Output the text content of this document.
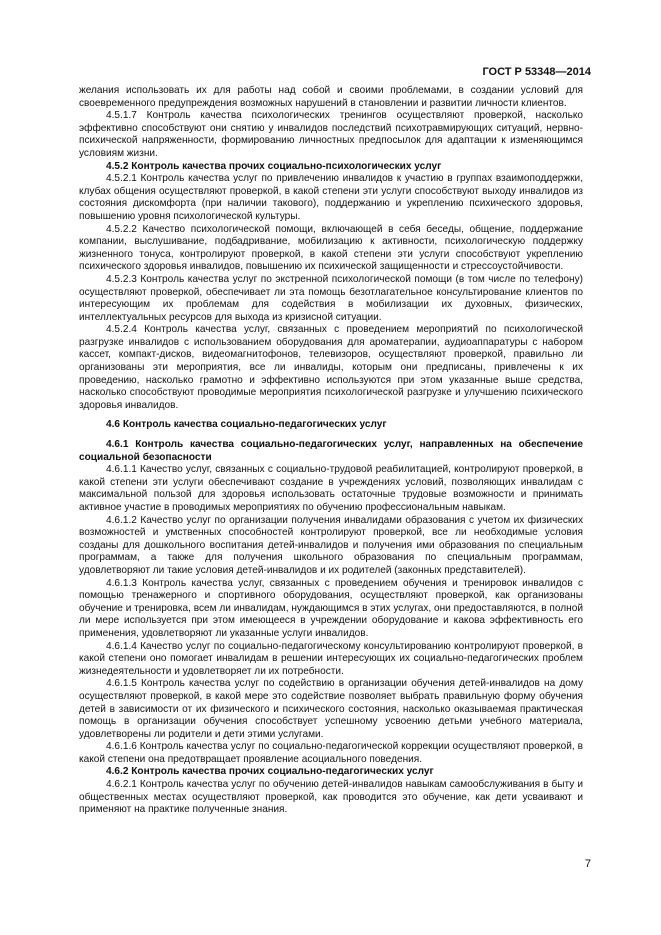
ГОСТ Р 53348—2014

желания использовать их для работы над собой и своими проблемами, в создании условий для своевременного предупреждения возможных нарушений в становлении и развитии личности клиентов.

4.5.1.7 Контроль качества психологических тренингов осуществляют проверкой, насколько эффективно способствуют они снятию у инвалидов последствий психотравмирующих ситуаций, нервно-психической напряженности, формированию личностных предпосылок для адаптации к изменяющимся условиям жизни.

4.5.2 Контроль качества прочих социально-психологических услуг

4.5.2.1 Контроль качества услуг по привлечению инвалидов к участию в группах взаимоподдержки, клубах общения осуществляют проверкой, в какой степени эти услуги способствуют выходу инвалидов из состояния дискомфорта (при наличии такового), поддержанию и укреплению психического здоровья, повышению уровня психологической культуры.

4.5.2.2 Качество психологической помощи, включающей в себя беседы, общение, поддержание компании, выслушивание, подбадривание, мобилизацию к активности, психологическую поддержку жизненного тонуса, контролируют проверкой, в какой степени эти услуги способствуют укреплению психического здоровья инвалидов, повышению их психической защищенности и стрессоустойчивости.

4.5.2.3 Контроль качества услуг по экстренной психологической помощи (в том числе по телефону) осуществляют проверкой, обеспечивает ли эта помощь безотлагательное консультирование клиентов по интересующим их проблемам для содействия в мобилизации их духовных, физических, интеллектуальных ресурсов для выхода из кризисной ситуации.

4.5.2.4 Контроль качества услуг, связанных с проведением мероприятий по психологической разгрузке инвалидов с использованием оборудования для ароматерапии, аудиоаппаратуры с набором кассет, компакт-дисков, видеомагнитофонов, телевизоров, осуществляют проверкой, правильно ли организованы эти мероприятия, все ли инвалиды, которым они предписаны, привлечены к их проведению, насколько грамотно и эффективно используются при этом указанные выше средства, насколько способствуют проводимые мероприятия психологической разгрузке и улучшению психического здоровья инвалидов.

4.6 Контроль качества социально-педагогических услуг

4.6.1 Контроль качества социально-педагогических услуг, направленных на обеспечение социальной безопасности

4.6.1.1 Качество услуг, связанных с социально-трудовой реабилитацией, контролируют проверкой, в какой степени эти услуги обеспечивают создание в учреждениях условий, позволяющих инвалидам с максимальной пользой для здоровья использовать остаточные трудовые возможности и принимать активное участие в проводимых мероприятиях по обучению профессиональным навыкам.

4.6.1.2 Качество услуг по организации получения инвалидами образования с учетом их физических возможностей и умственных способностей контролируют проверкой, все ли необходимые условия созданы для дошкольного воспитания детей-инвалидов и получения ими образования по специальным программам, а также для получения школьного образования по специальным программам, удовлетворяют ли такие условия детей-инвалидов и их родителей (законных представителей).

4.6.1.3 Контроль качества услуг, связанных с проведением обучения и тренировок инвалидов с помощью тренажерного и спортивного оборудования, осуществляют проверкой, как организованы обучение и тренировка, всем ли инвалидам, нуждающимся в этих услугах, они предоставляются, в полной ли мере используется при этом имеющееся в учреждении оборудование и какова эффективность его применения, удовлетворяют ли указанные услуги инвалидов.

4.6.1.4 Качество услуг по социально-педагогическому консультированию контролируют проверкой, в какой степени оно помогает инвалидам в решении интересующих их социально-педагогических проблем жизнедеятельности и удовлетворяет ли их потребности.

4.6.1.5 Контроль качества услуг по содействию в организации обучения детей-инвалидов на дому осуществляют проверкой, в какой мере это содействие позволяет выбрать правильную форму обучения детей в зависимости от их физического и психического состояния, насколько оказываемая практическая помощь в организации обучения способствует успешному усвоению детьми учебного материала, удовлетворены ли родители и дети этими услугами.

4.6.1.6 Контроль качества услуг по социально-педагогической коррекции осуществляют проверкой, в какой степени она предотвращает проявление асоциального поведения.

4.6.2 Контроль качества прочих социально-педагогических услуг

4.6.2.1 Контроль качества услуг по обучению детей-инвалидов навыкам самообслуживания в быту и общественных местах осуществляют проверкой, как проводится это обучение, как дети усваивают и применяют на практике полученные знания.

7
